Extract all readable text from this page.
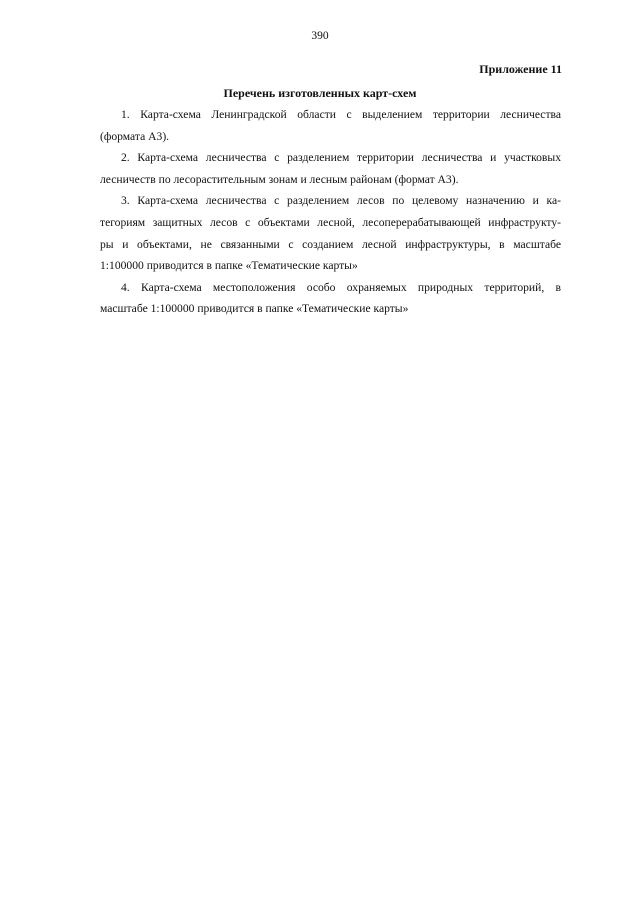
390
Приложение 11
Перечень изготовленных карт-схем
1. Карта-схема Ленинградской области с выделением территории лесничества
(формата А3).
2. Карта-схема лесничества с разделением территории лесничества и участковых
лесничеств по лесорастительным зонам и лесным районам (формат А3).
3. Карта-схема лесничества с разделением лесов по целевому назначению и ка-
тегориям защитных лесов с объектами лесной, лесоперерабатывающей инфраструкту-
ры и объектами, не связанными с созданием лесной инфраструктуры, в масштабе
1:100000 приводится в папке «Тематические карты»
4. Карта-схема местоположения особо охраняемых природных территорий, в
масштабе 1:100000 приводится в папке «Тематические карты»
